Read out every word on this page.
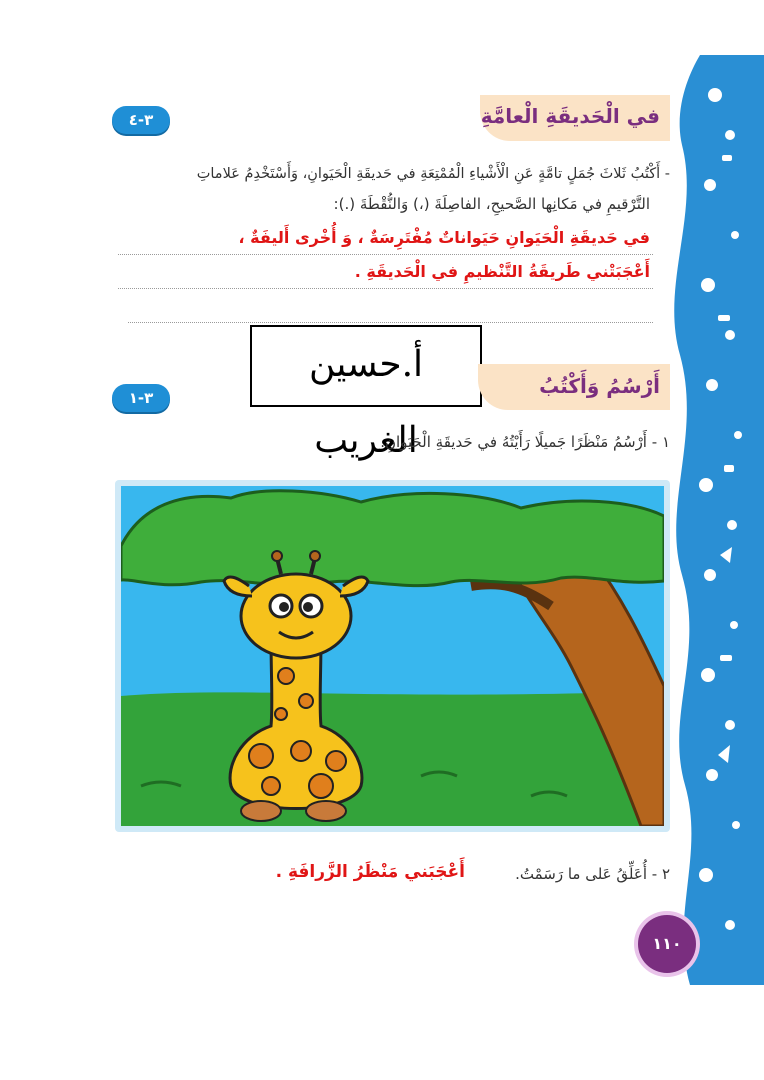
في الْحَديقَةِ الْعامَّةِ
٣-٤
- أَكْتُبُ ثَلاثَ جُمَلٍ تامَّةٍ عَنِ الْأَشْياءِ الْمُمْتِعَةِ في حَديقَةِ الْحَيَوانِ، وَأَسْتَخْدِمُ عَلاماتِ
التَّرْقيمِ في مَكانِها الصَّحيحِ، الفاصِلَةَ (،) وَالنُّقْطَةَ (.):
في حَديقَةِ الْحَيَوانِ حَيَواناتٌ مُفْتَرِسَةٌ ، وَ أُخْرى أَليفَةٌ ،
أَعْجَبَتْني طَريقَةُ التَّنْظيمِ في الْحَديقَةِ .
أ.حسين الغريب
أَرْسُمُ وَأَكْتُبُ
٣-١
١ - أَرْسُمُ مَنْظَرًا جَميلًا رَأَيْتُهُ في حَديقَةِ الْحَيَوانِ.
٢ - أُعَلِّقُ عَلى ما رَسَمْتُ.
أَعْجَبَني مَنْظَرُ الزَّرافَةِ .
١١٠
